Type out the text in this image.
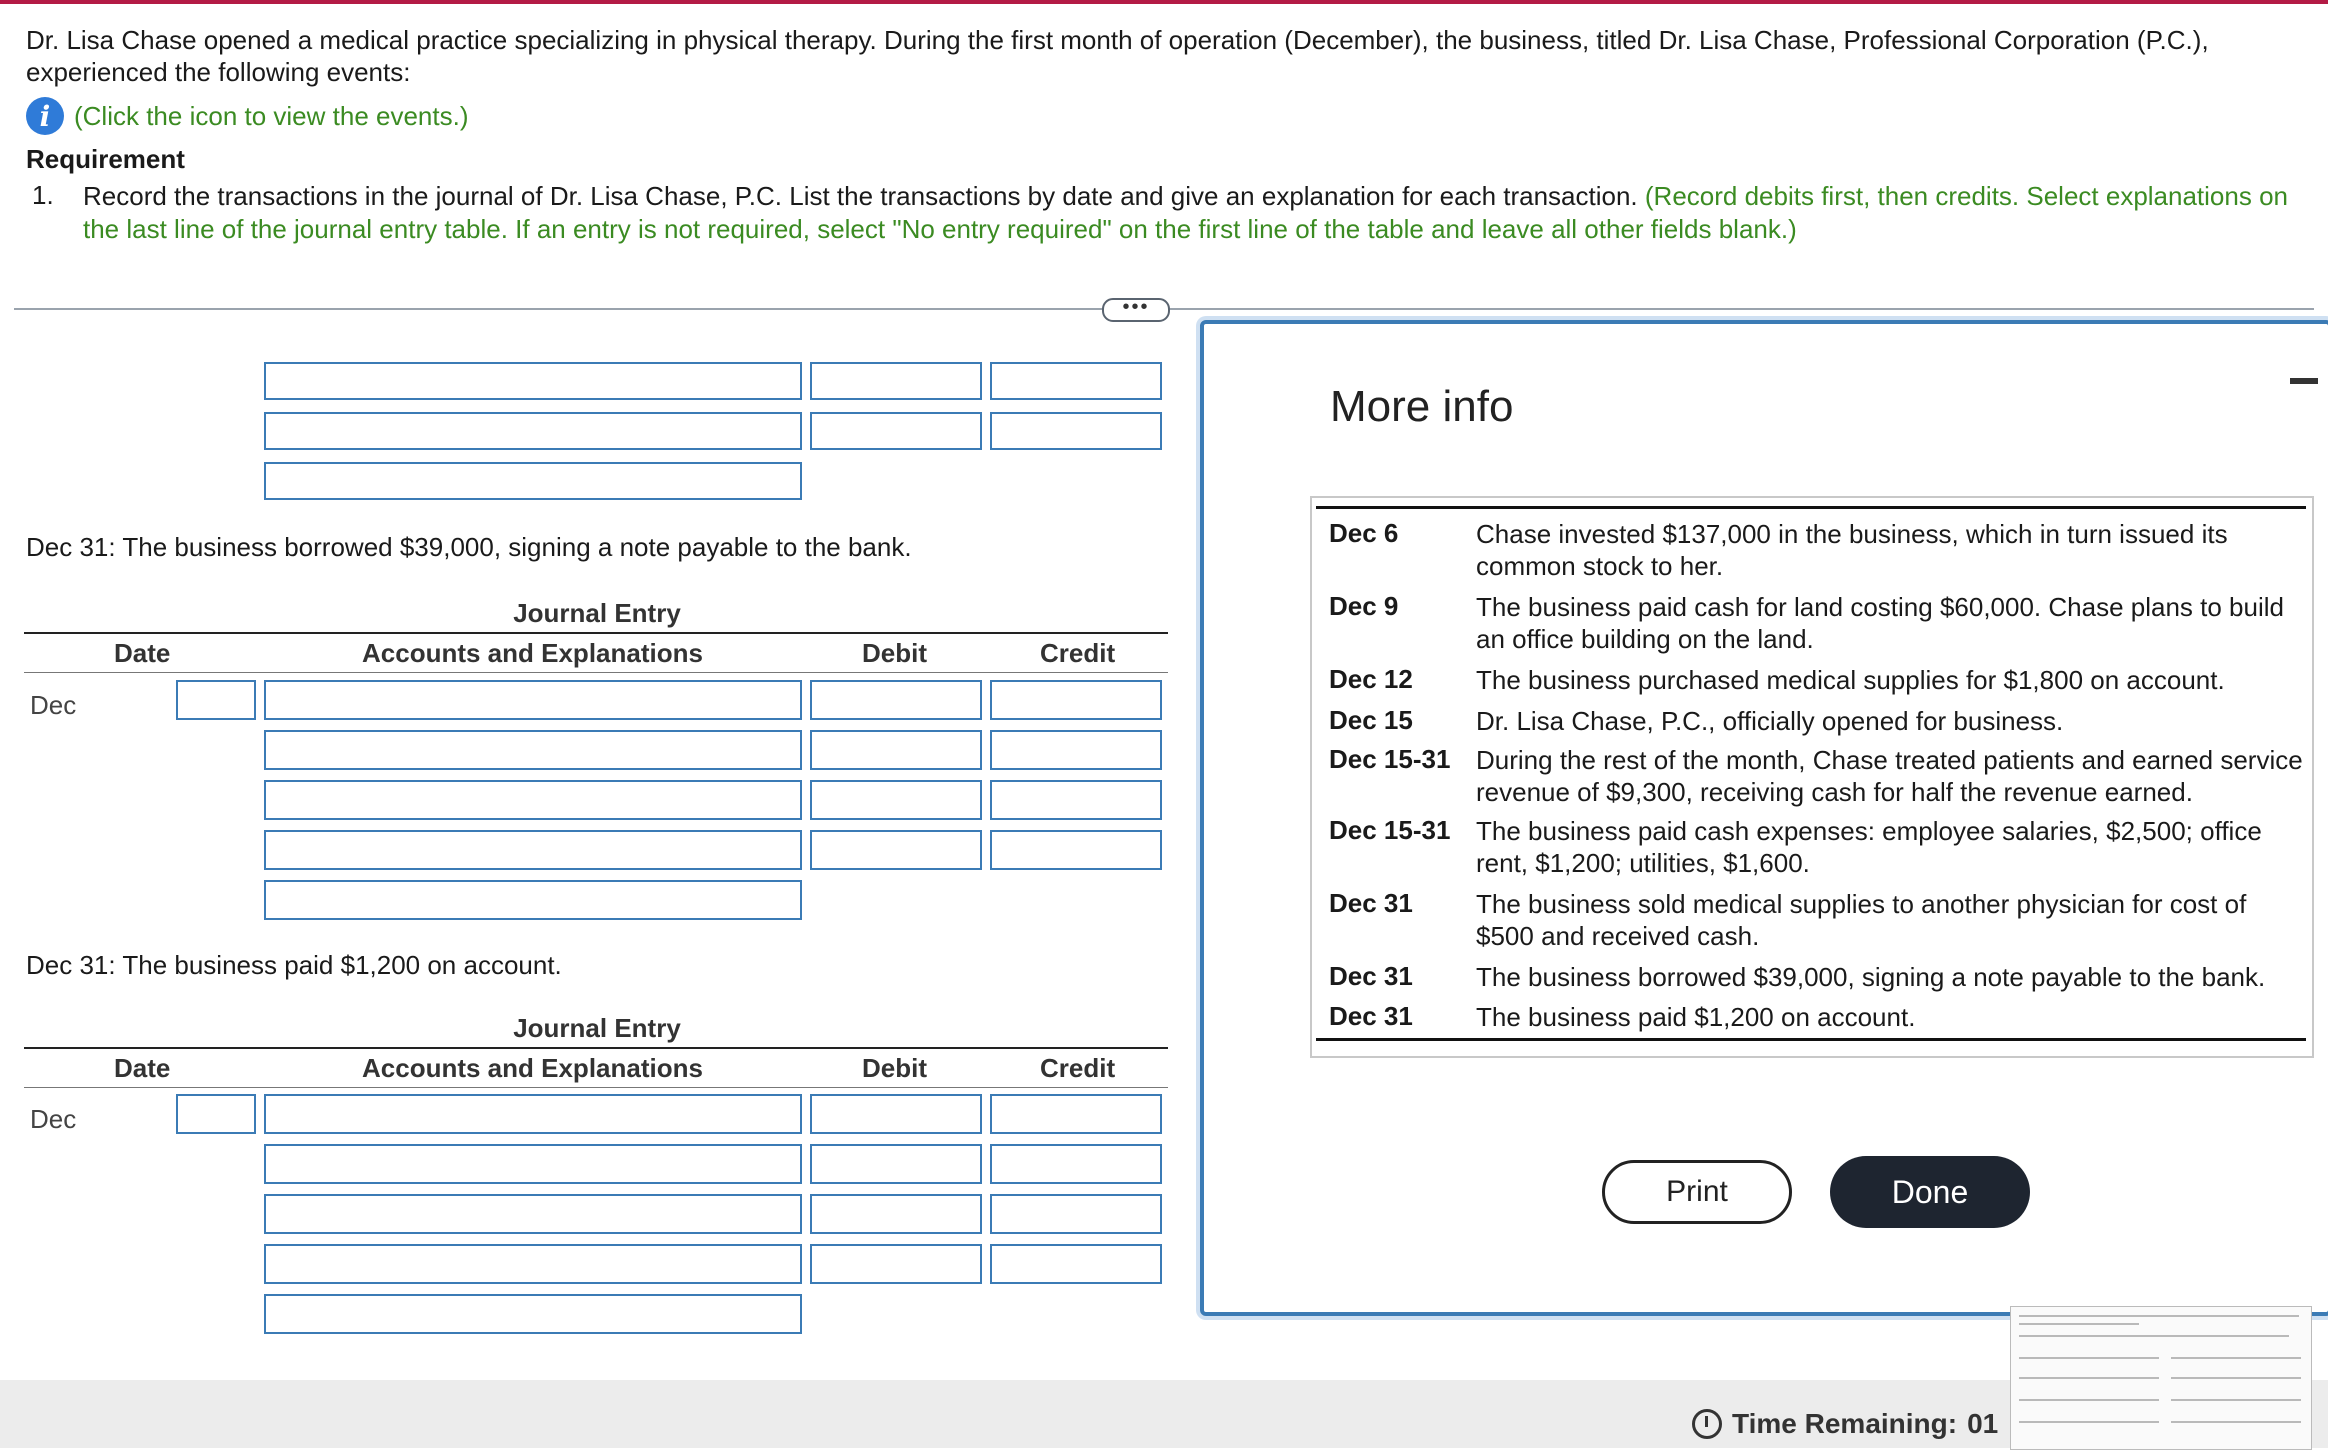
Dr. Lisa Chase opened a medical practice specializing in physical therapy. During the first month of operation (December), the business, titled Dr. Lisa Chase, Professional Corporation (P.C.), experienced the following events:
i (Click the icon to view the events.)
Requirement
1. Record the transactions in the journal of Dr. Lisa Chase, P.C. List the transactions by date and give an explanation for each transaction. (Record debits first, then credits. Select explanations on the last line of the journal entry table. If an entry is not required, select "No entry required" on the first line of the table and leave all other fields blank.)
•••
Dec 31: The business borrowed $39,000, signing a note payable to the bank.
Journal Entry
Date	Accounts and Explanations	Debit	Credit
Dec
Dec 31: The business paid $1,200 on account.
Journal Entry
Date	Accounts and Explanations	Debit	Credit
Dec
Time Remaining: 01
More info
Dec 6	Chase invested $137,000 in the business, which in turn issued its common stock to her.
Dec 9	The business paid cash for land costing $60,000. Chase plans to build an office building on the land.
Dec 12 The business purchased medical supplies for $1,800 on account.
Dec 15 Dr. Lisa Chase, P.C., officially opened for business.
Dec 15-31 During the rest of the month, Chase treated patients and earned service revenue of $9,300, receiving cash for half the revenue earned.
Dec 15-31 The business paid cash expenses: employee salaries, $2,500; office rent, $1,200; utilities, $1,600.
Dec 31 The business sold medical supplies to another physician for cost of $500 and received cash.
Dec 31 The business borrowed $39,000, signing a note payable to the bank.
Dec 31 The business paid $1,200 on account.
Print	Done
